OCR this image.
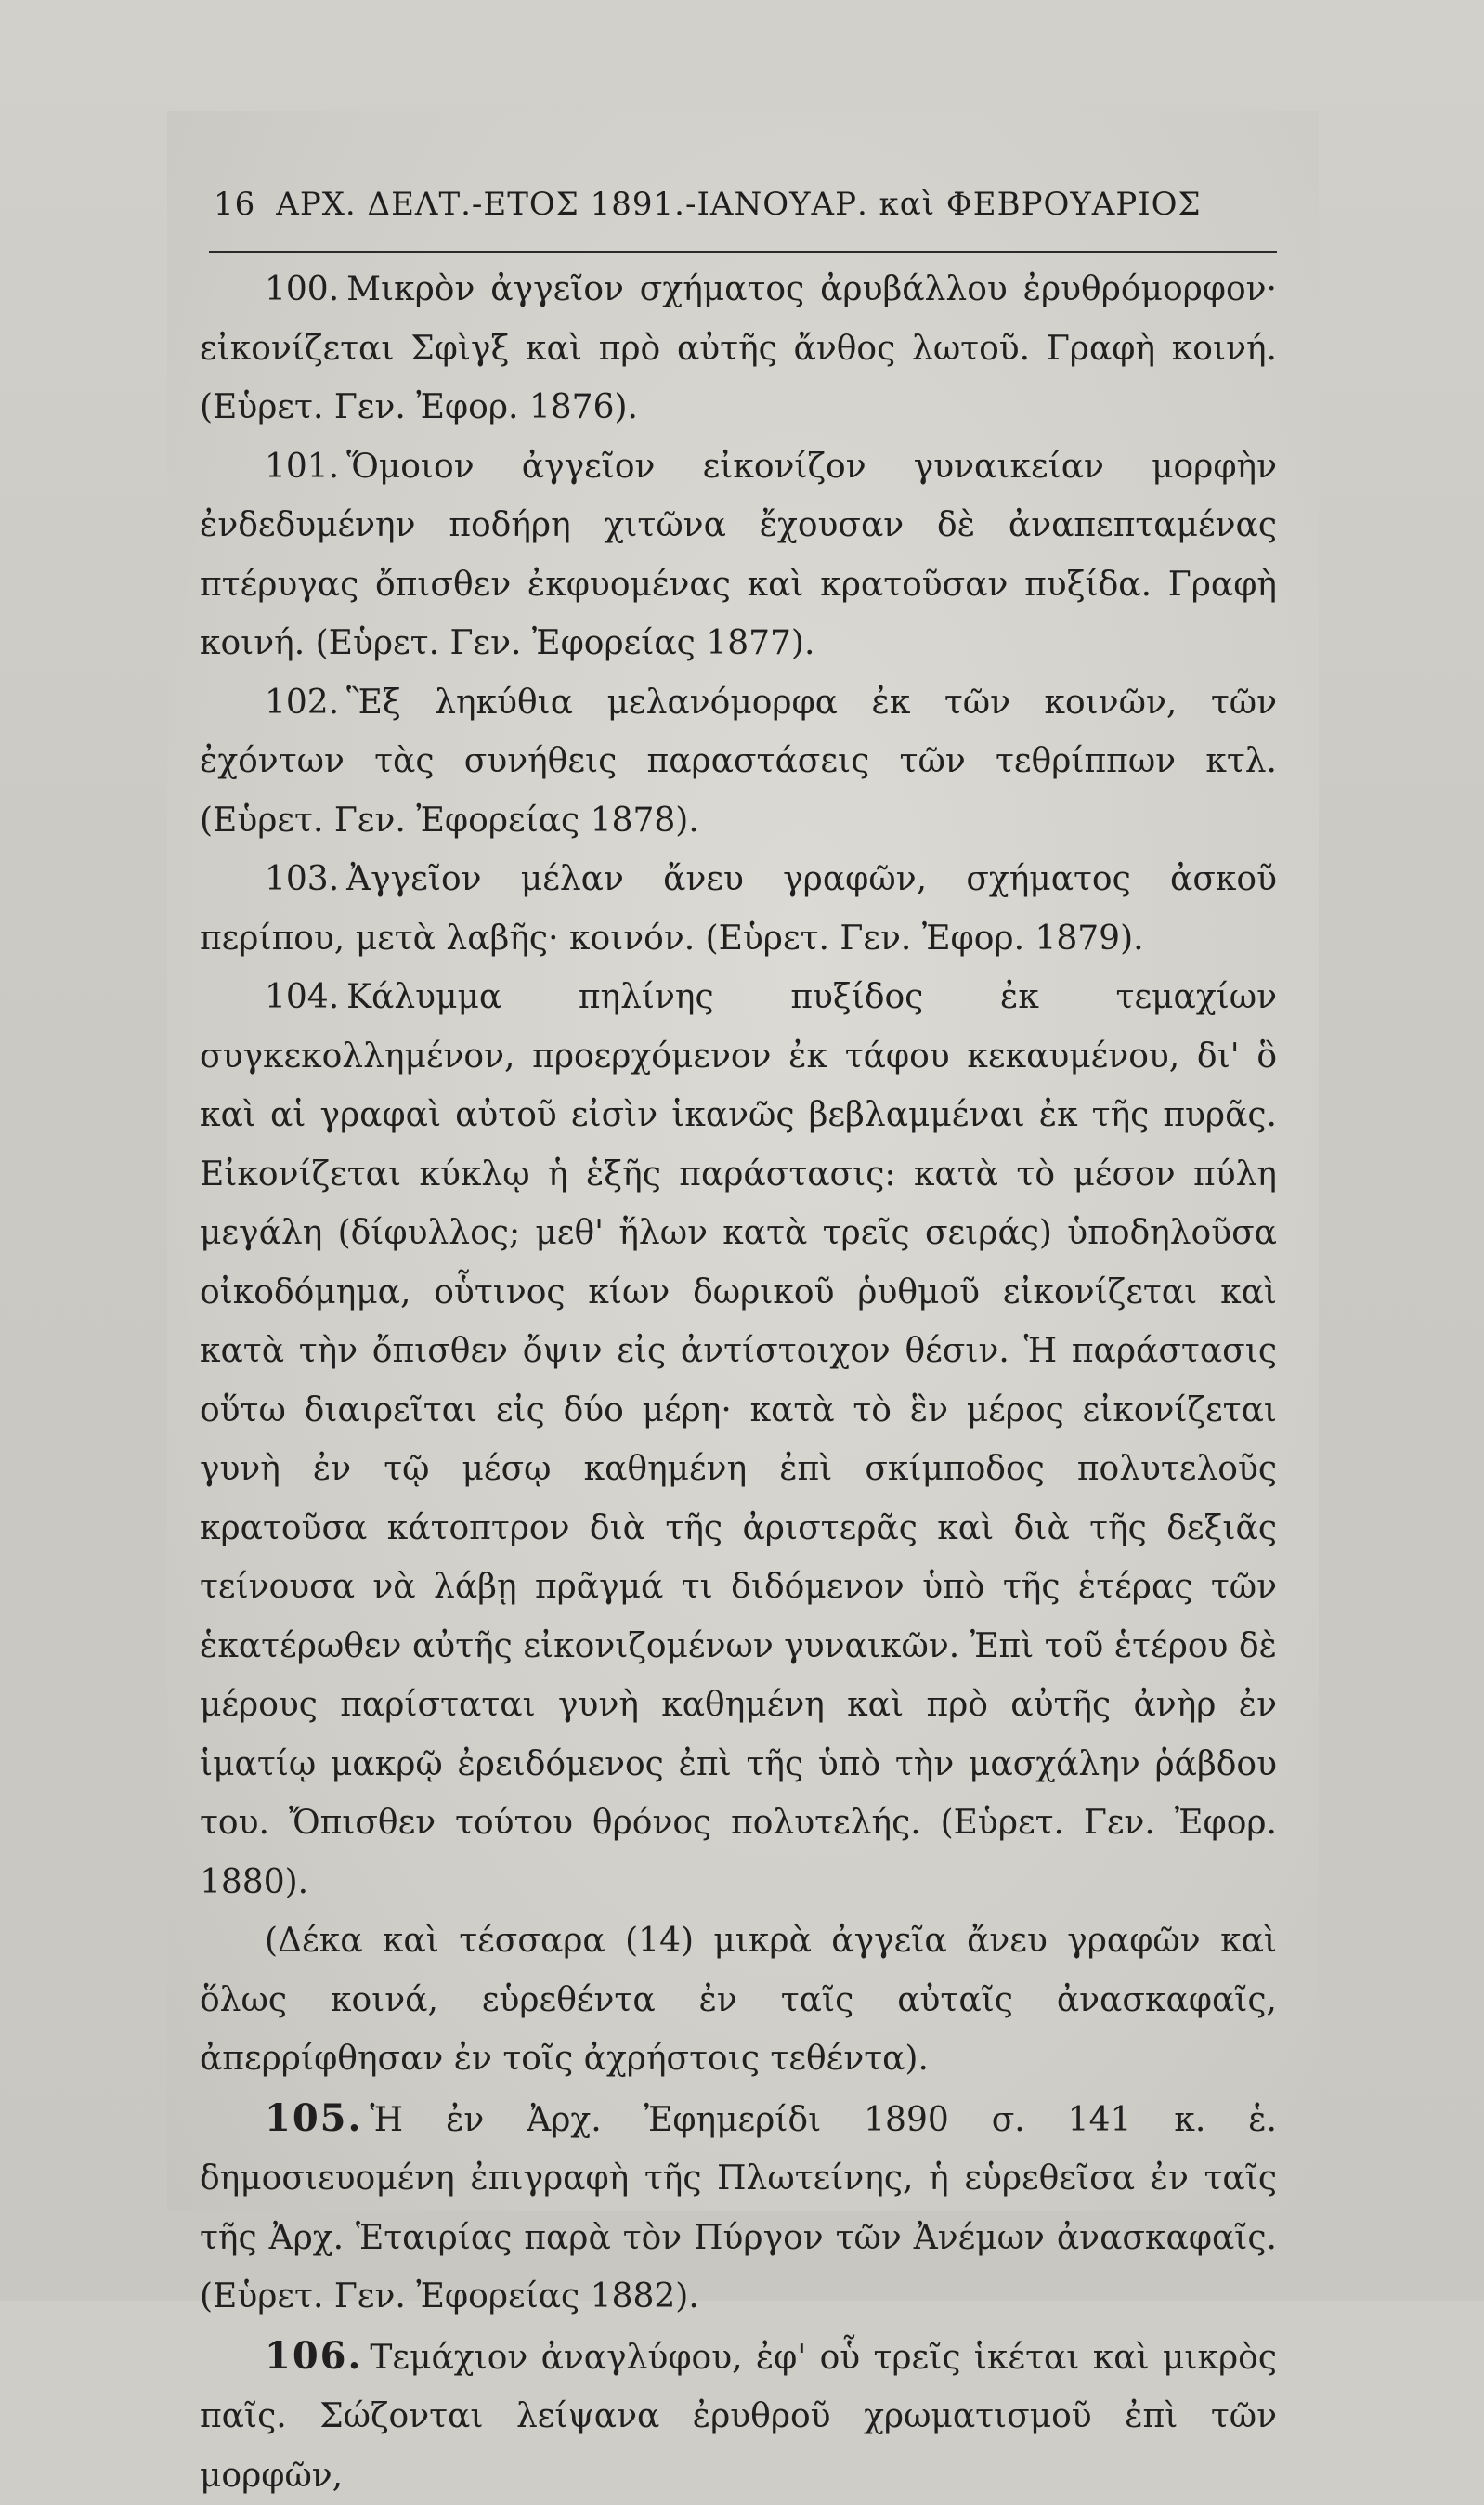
16 ΑΡΧ. ΔΕΛΤ.-ΕΤΟΣ 1891.-ΙΑΝΟΥΑΡ. καὶ ΦΕΒΡΟΥΑΡΙΟΣ

100. Μικρὸν ἀγγεῖον σχήματος ἀρυβάλλου ἐρυθρόμορφον· εἰκονίζεται Σφὶγξ καὶ πρὸ αὐτῆς ἄνθος λωτοῦ. Γραφὴ κοινή. (Εὑρετ. Γεν. Ἐφορ. 1876).

101. Ὅμοιον ἀγγεῖον εἰκονίζον γυναικείαν μορφὴν ἐνδεδυμένην ποδήρη χιτῶνα ἔχουσαν δὲ ἀναπεπταμένας πτέρυγας ὄπισθεν ἐκφυομένας καὶ κρατοῦσαν πυξίδα. Γραφὴ κοινή. (Εὑρετ. Γεν. Ἐφορείας 1877).

102. Ἓξ ληκύθια μελανόμορφα ἐκ τῶν κοινῶν, τῶν ἐχόντων τὰς συνήθεις παραστάσεις τῶν τεθρίππων κτλ. (Εὑρετ. Γεν. Ἐφορείας 1878).

103. Ἀγγεῖον μέλαν ἄνευ γραφῶν, σχήματος ἀσκοῦ περίπου, μετὰ λαβῆς· κοινόν. (Εὑρετ. Γεν. Ἐφορ. 1879).

104. Κάλυμμα πηλίνης πυξίδος ἐκ τεμαχίων συγκεκολλημένον, προερχόμενον ἐκ τάφου κεκαυμένου, δι' ὃ καὶ αἱ γραφαὶ αὐτοῦ εἰσὶν ἱκανῶς βεβλαμμέναι ἐκ τῆς πυρᾶς. Εἰκονίζεται κύκλῳ ἡ ἑξῆς παράστασις: κατὰ τὸ μέσον πύλη μεγάλη (δίφυλλος; μεθ' ἥλων κατὰ τρεῖς σειράς) ὑποδηλοῦσα οἰκοδόμημα, οὗτινος κίων δωρικοῦ ῥυθμοῦ εἰκονίζεται καὶ κατὰ τὴν ὄπισθεν ὄψιν εἰς ἀντίστοιχον θέσιν. Ἡ παράστασις οὕτω διαιρεῖται εἰς δύο μέρη· κατὰ τὸ ἓν μέρος εἰκονίζεται γυνὴ ἐν τῷ μέσῳ καθημένη ἐπὶ σκίμποδος πολυτελοῦς κρατοῦσα κάτοπτρον διὰ τῆς ἀριστερᾶς καὶ διὰ τῆς δεξιᾶς τείνουσα νὰ λάβῃ πρᾶγμά τι διδόμενον ὑπὸ τῆς ἑτέρας τῶν ἑκατέρωθεν αὐτῆς εἰκονιζομένων γυναικῶν. Ἐπὶ τοῦ ἑτέρου δὲ μέρους παρίσταται γυνὴ καθημένη καὶ πρὸ αὐτῆς ἀνὴρ ἐν ἱματίῳ μακρῷ ἐρειδόμενος ἐπὶ τῆς ὑπὸ τὴν μασχάλην ῥάβδου του. Ὄπισθεν τούτου θρόνος πολυτελής. (Εὑρετ. Γεν. Ἐφορ. 1880).

(Δέκα καὶ τέσσαρα (14) μικρὰ ἀγγεῖα ἄνευ γραφῶν καὶ ὅλως κοινά, εὑρεθέντα ἐν ταῖς αὐταῖς ἀνασκαφαῖς, ἀπερρίφθησαν ἐν τοῖς ἀχρήστοις τεθέντα).

105. Ἡ ἐν Ἀρχ. Ἐφημερίδι 1890 σ. 141 κ. ἑ. δημοσιευομένη ἐπιγραφὴ τῆς Πλωτείνης, ἡ εὑρεθεῖσα ἐν ταῖς τῆς Ἀρχ. Ἑταιρίας παρὰ τὸν Πύργον τῶν Ἀνέμων ἀνασκαφαῖς. (Εὑρετ. Γεν. Ἐφορείας 1882).

106. Τεμάχιον ἀναγλύφου, ἐφ' οὗ τρεῖς ἱκέται καὶ μικρὸς παῖς. Σώζονται λείψανα ἐρυθροῦ χρωματισμοῦ ἐπὶ τῶν μορφῶν,
